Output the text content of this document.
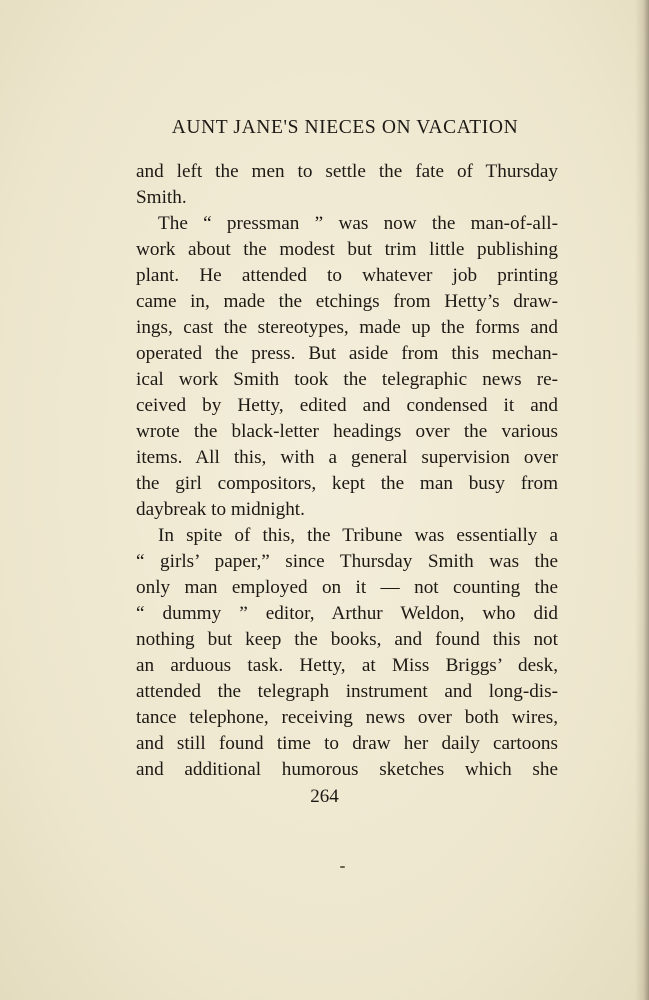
AUNT JANE'S NIECES ON VACATION
and left the men to settle the fate of Thursday
Smith.
The “ pressman ” was now the man-of-all-
work about the modest but trim little publishing
plant. He attended to whatever job printing
came in, made the etchings from Hetty’s draw-
ings, cast the stereotypes, made up the forms and
operated the press. But aside from this mechan-
ical work Smith took the telegraphic news re-
ceived by Hetty, edited and condensed it and
wrote the black-letter headings over the various
items. All this, with a general supervision over
the girl compositors, kept the man busy from
daybreak to midnight.
In spite of this, the Tribune was essentially a
“ girls’ paper,” since Thursday Smith was the
only man employed on it — not counting the
“ dummy ” editor, Arthur Weldon, who did
nothing but keep the books, and found this not
an arduous task. Hetty, at Miss Briggs’ desk,
attended the telegraph instrument and long-dis-
tance telephone, receiving news over both wires,
and still found time to draw her daily cartoons
and additional humorous sketches which she
264
